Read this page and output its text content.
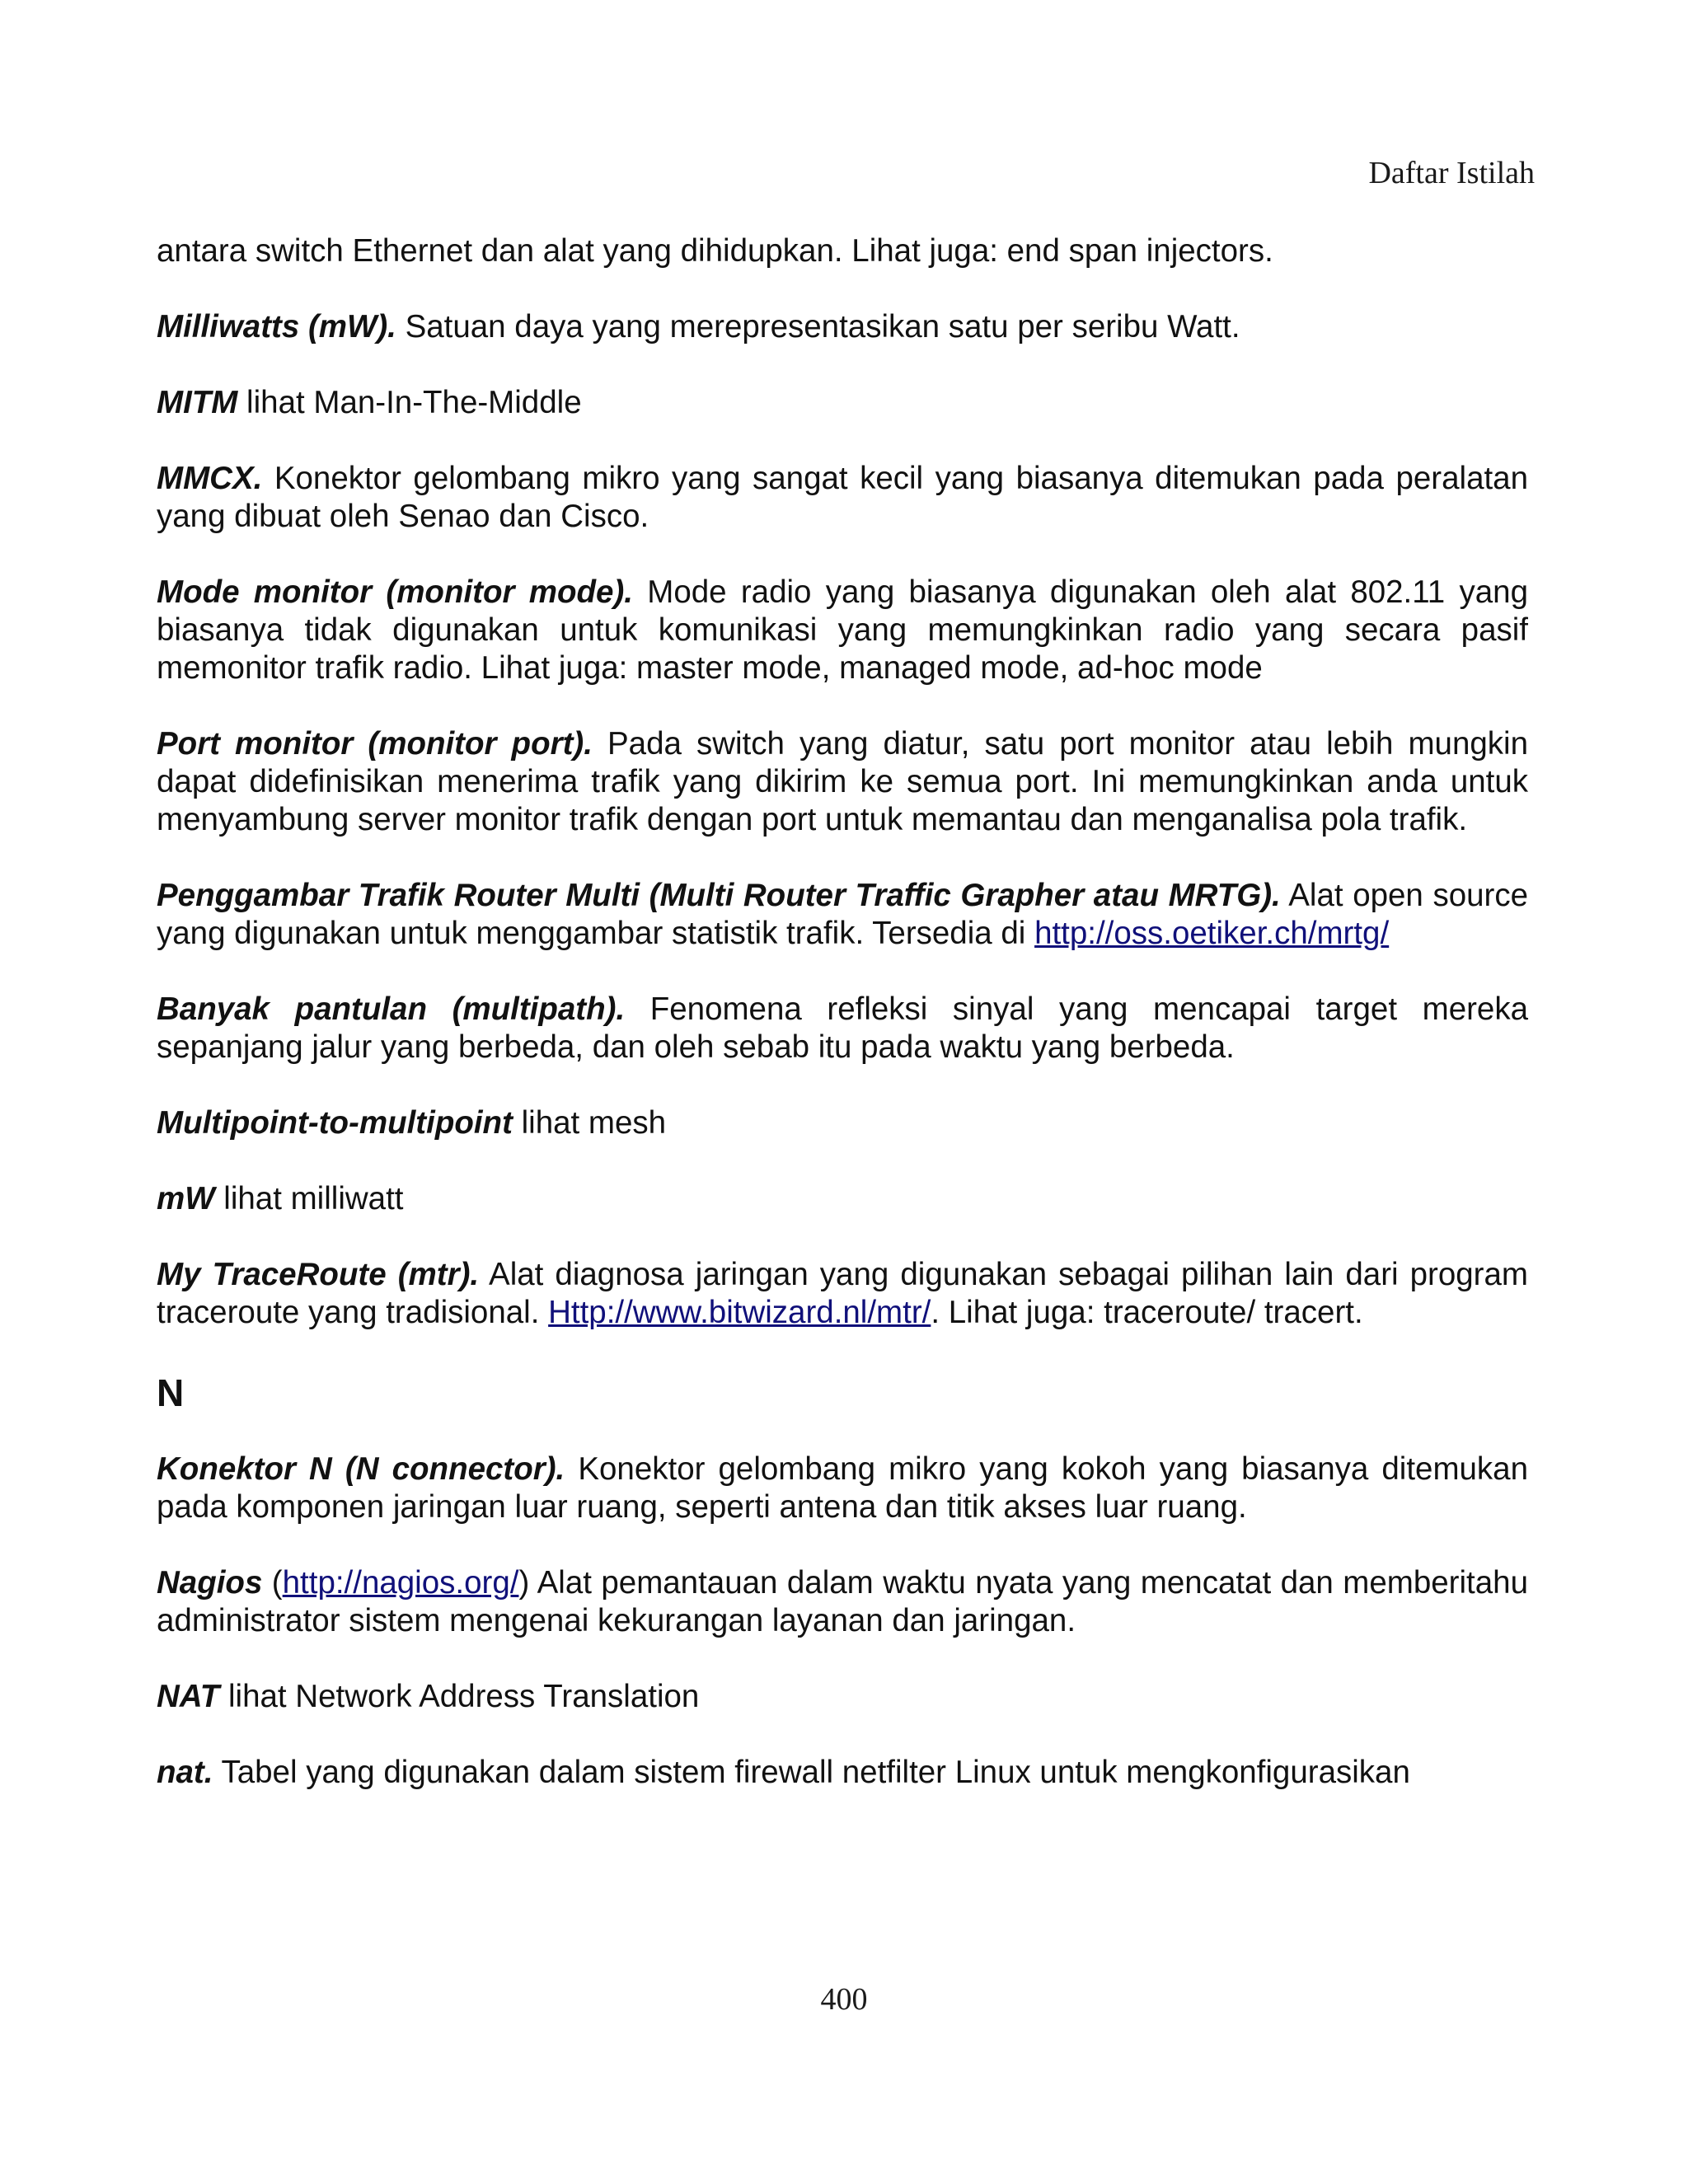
Daftar Istilah

antara switch Ethernet dan alat yang dihidupkan. Lihat juga: end span injectors.

Milliwatts (mW). Satuan daya yang merepresentasikan satu per seribu Watt.

MITM lihat Man-In-The-Middle

MMCX. Konektor gelombang mikro yang sangat kecil yang biasanya ditemukan pada peralatan yang dibuat oleh Senao dan Cisco.

Mode monitor (monitor mode). Mode radio yang biasanya digunakan oleh alat 802.11 yang biasanya tidak digunakan untuk komunikasi yang memungkinkan radio yang secara pasif memonitor trafik radio. Lihat juga: master mode, managed mode, ad-hoc mode

Port monitor (monitor port). Pada switch yang diatur, satu port monitor atau lebih mungkin dapat didefinisikan menerima trafik yang dikirim ke semua port. Ini memungkinkan anda untuk menyambung server monitor trafik dengan port untuk memantau dan menganalisa pola trafik.

Penggambar Trafik Router Multi (Multi Router Traffic Grapher atau MRTG). Alat open source yang digunakan untuk menggambar statistik trafik. Tersedia di http://oss.oetiker.ch/mrtg/

Banyak pantulan (multipath). Fenomena refleksi sinyal yang mencapai target mereka sepanjang jalur yang berbeda, dan oleh sebab itu pada waktu yang berbeda.

Multipoint-to-multipoint lihat mesh

mW lihat milliwatt

My TraceRoute (mtr). Alat diagnosa jaringan yang digunakan sebagai pilihan lain dari program traceroute yang tradisional. Http://www.bitwizard.nl/mtr/. Lihat juga: traceroute/ tracert.

N

Konektor N (N connector). Konektor gelombang mikro yang kokoh yang biasanya ditemukan pada komponen jaringan luar ruang, seperti antena dan titik akses luar ruang.

Nagios (http://nagios.org/) Alat pemantauan dalam waktu nyata yang mencatat dan memberitahu administrator sistem mengenai kekurangan layanan dan jaringan.

NAT lihat Network Address Translation

nat. Tabel yang digunakan dalam sistem firewall netfilter Linux untuk mengkonfigurasikan

400
